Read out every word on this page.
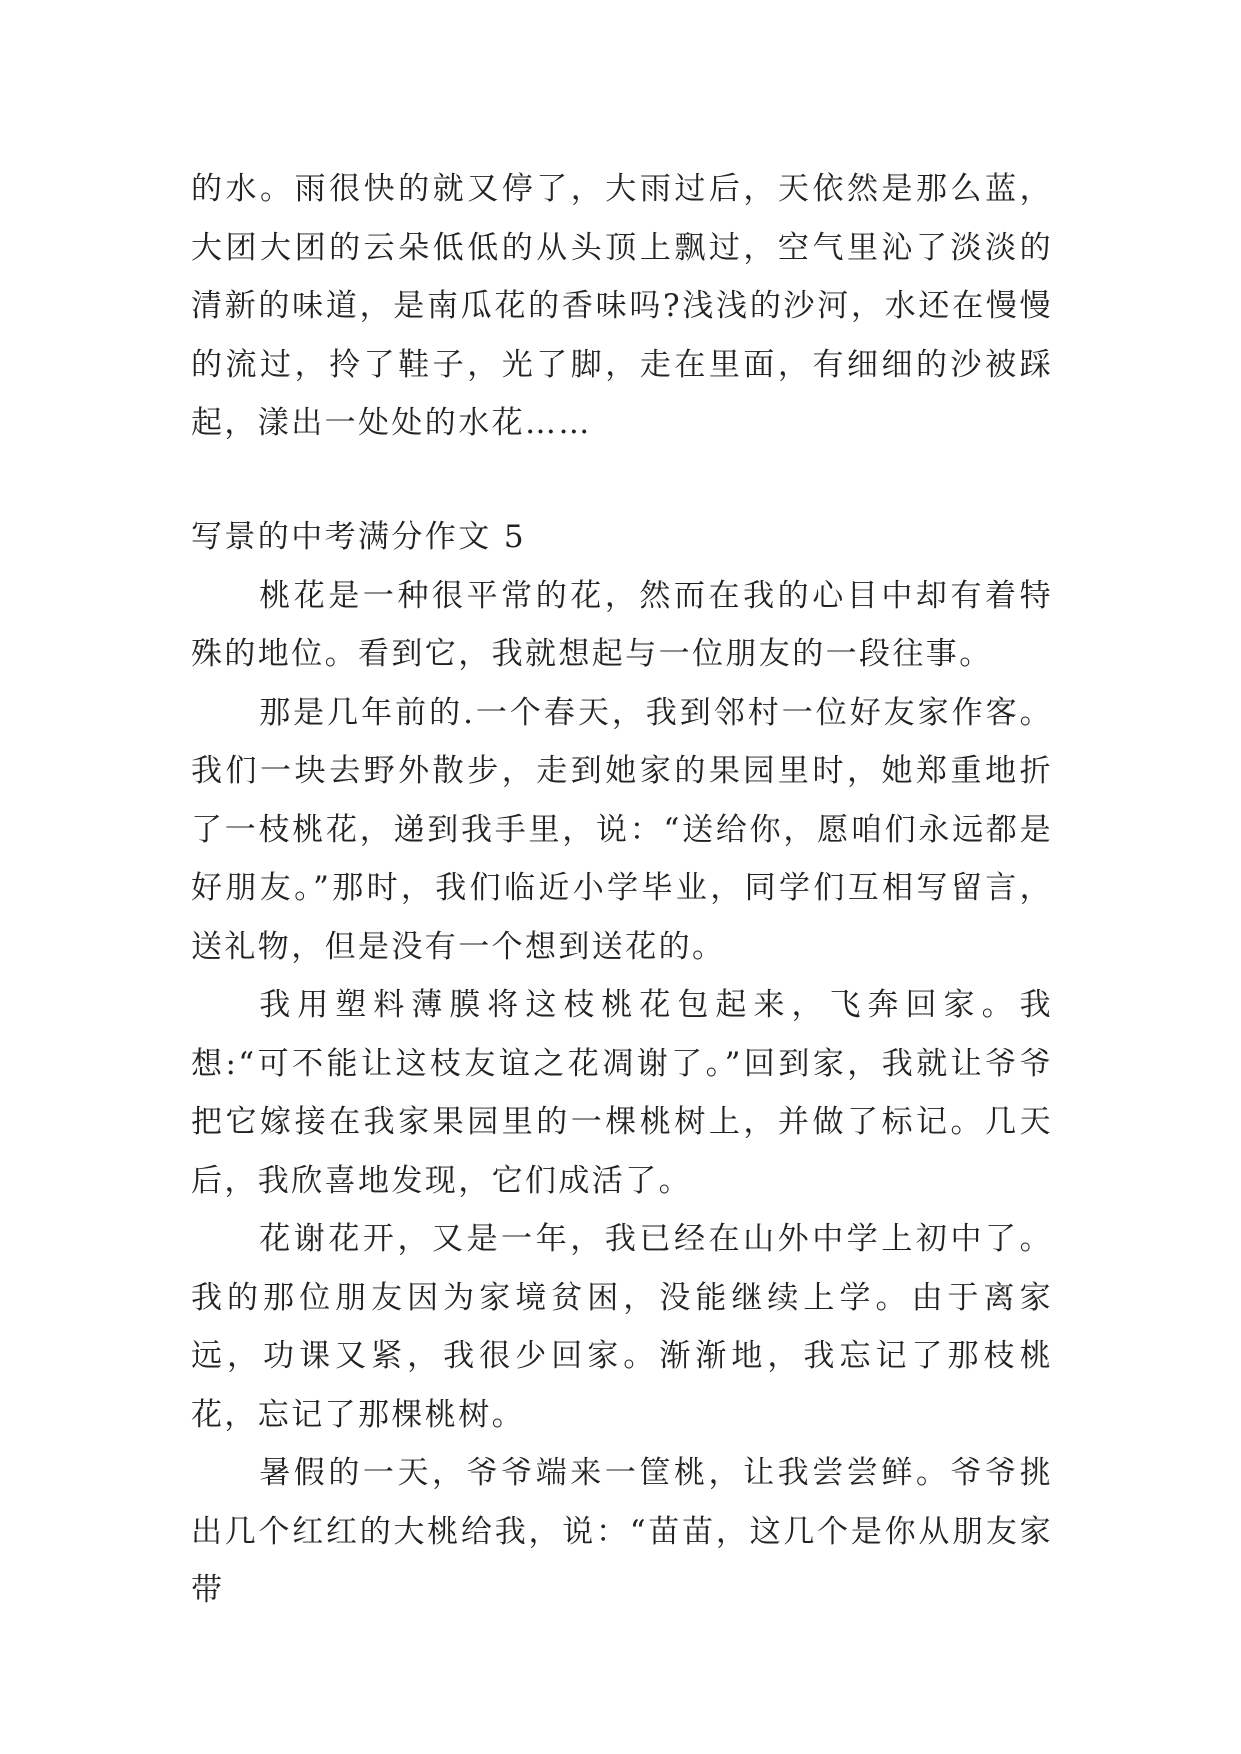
的水。雨很快的就又停了，大雨过后，天依然是那么蓝，大团大团的云朵低低的从头顶上飘过，空气里沁了淡淡的清新的味道，是南瓜花的香味吗?浅浅的沙河，水还在慢慢的流过，拎了鞋子，光了脚，走在里面，有细细的沙被踩起，漾出一处处的水花……

写景的中考满分作文 5

桃花是一种很平常的花，然而在我的心目中却有着特殊的地位。看到它，我就想起与一位朋友的一段往事。

那是几年前的.一个春天，我到邻村一位好友家作客。我们一块去野外散步，走到她家的果园里时，她郑重地折了一枝桃花，递到我手里，说：“送给你，愿咱们永远都是好朋友。”那时，我们临近小学毕业，同学们互相写留言，送礼物，但是没有一个想到送花的。

我用塑料薄膜将这枝桃花包起来，飞奔回家。我想:“可不能让这枝友谊之花凋谢了。”回到家，我就让爷爷把它嫁接在我家果园里的一棵桃树上，并做了标记。几天后，我欣喜地发现，它们成活了。

花谢花开，又是一年，我已经在山外中学上初中了。我的那位朋友因为家境贫困，没能继续上学。由于离家远，功课又紧，我很少回家。渐渐地，我忘记了那枝桃花，忘记了那棵桃树。

暑假的一天，爷爷端来一筐桃，让我尝尝鲜。爷爷挑出几个红红的大桃给我，说：“苗苗，这几个是你从朋友家带
